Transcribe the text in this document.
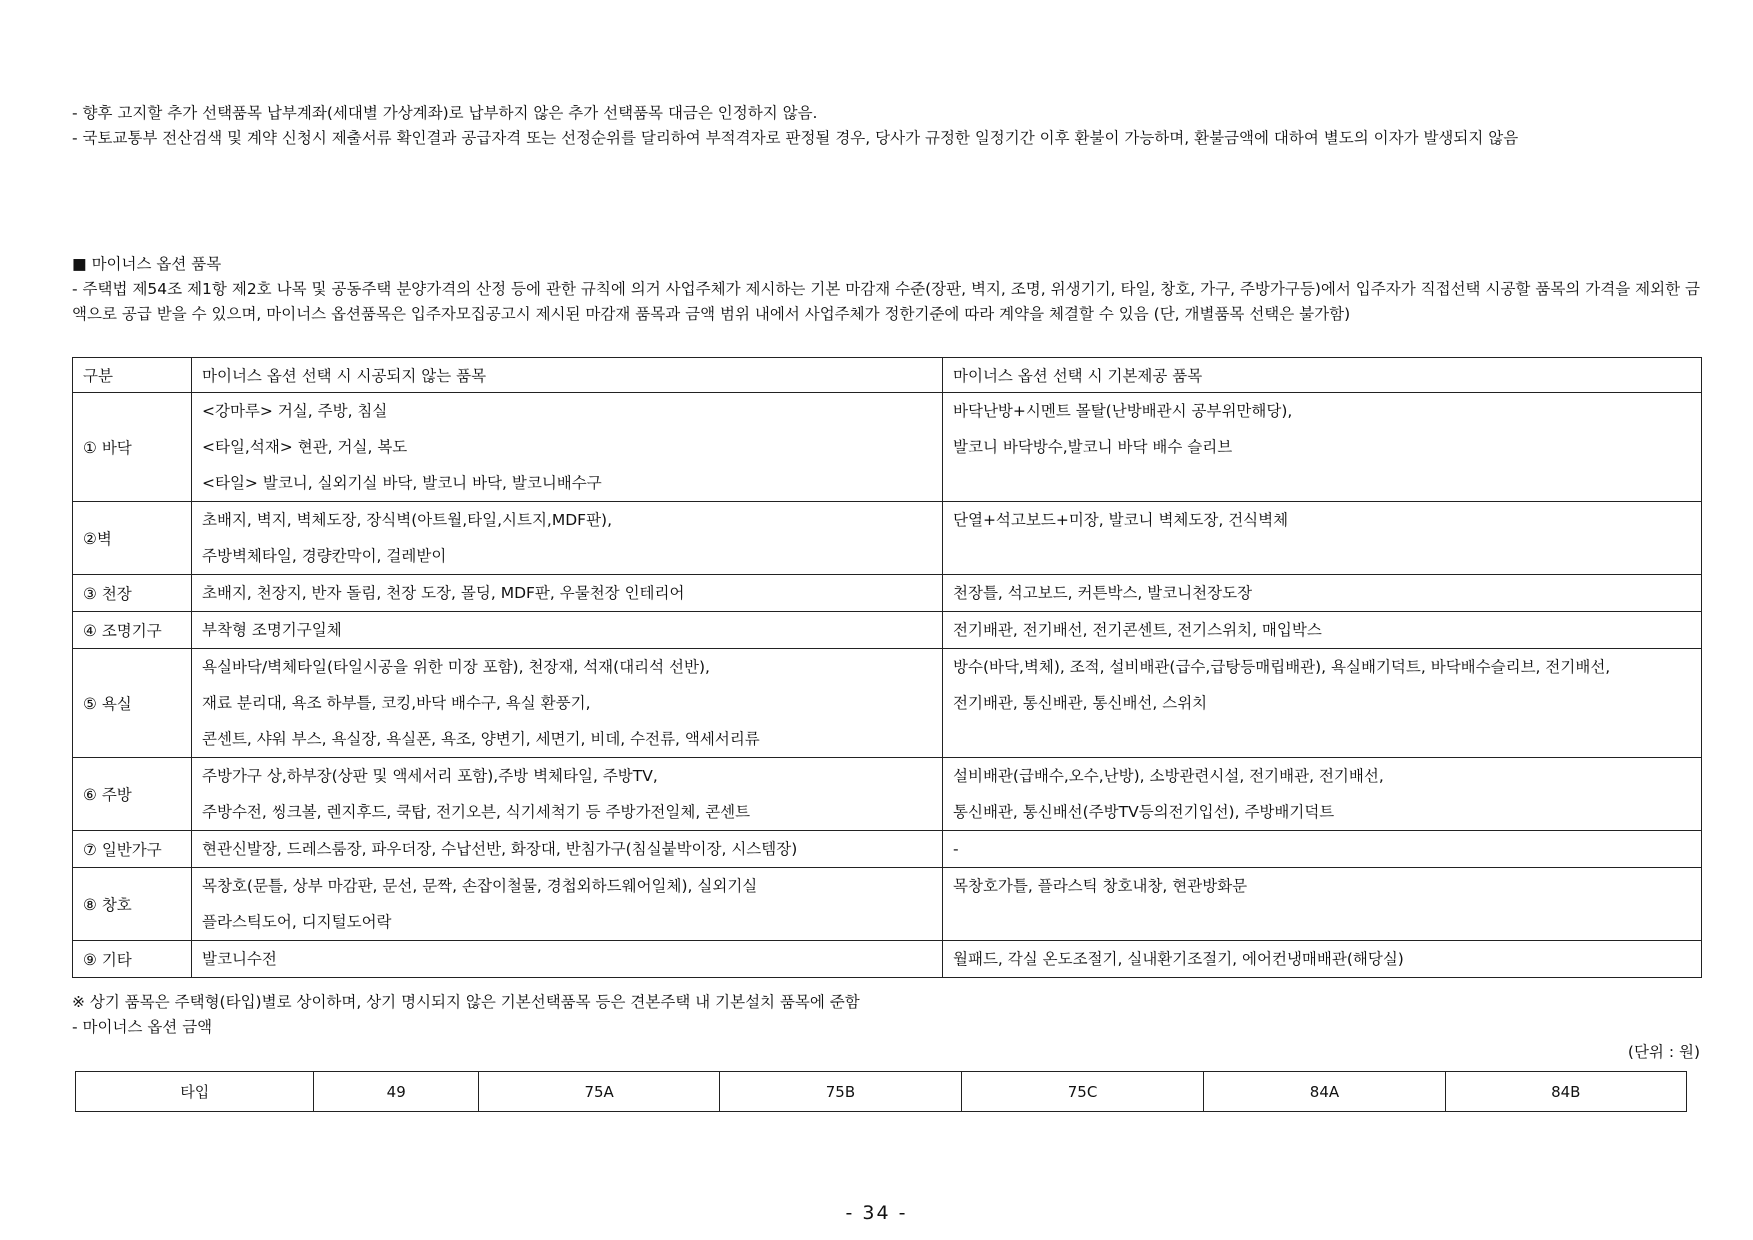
- 향후 고지할 추가 선택품목 납부계좌(세대별 가상계좌)로 납부하지 않은 추가 선택품목 대금은 인정하지 않음.

- 국토교통부 전산검색 및 계약 신청시 제출서류 확인결과 공급자격 또는 선정순위를 달리하여 부적격자로 판정될 경우, 당사가 규정한 일정기간 이후 환불이 가능하며, 환불금액에 대하여 별도의 이자가 발생되지 않음

■ 마이너스 옵션 품목

- 주택법 제54조 제1항 제2호 나목 및 공동주택 분양가격의 산정 등에 관한 규칙에 의거 사업주체가 제시하는 기본 마감재 수준(장판, 벽지, 조명, 위생기기, 타일, 창호, 가구, 주방가구등)에서 입주자가 직접선택 시공할 품목의 가격을 제외한 금액으로 공급 받을 수 있으며, 마이너스 옵션품목은 입주자모집공고시 제시된 마감재 품목과 금액 범위 내에서 사업주체가 정한기준에 따라 계약을 체결할 수 있음 (단, 개별품목 선택은 불가함)

구분	마이너스 옵션 선택 시 시공되지 않는 품목	마이너스 옵션 선택 시 기본제공 품목
① 바닥	<강마루> 거실, 주방, 침실
<타일,석재> 현관, 거실, 복도
<타일> 발코니, 실외기실 바닥, 발코니 바닥, 발코니배수구	바닥난방+시멘트 몰탈(난방배관시 공부위만해당),
발코니 바닥방수,발코니 바닥 배수 슬리브

②벽	초배지, 벽지, 벽체도장, 장식벽(아트월,타일,시트지,MDF판),
주방벽체타일, 경량칸막이, 걸레받이	단열+석고보드+미장, 발코니 벽체도장, 건식벽체

③ 천장	초배지, 천장지, 반자 돌림, 천장 도장, 몰딩, MDF판, 우물천장 인테리어	천장틀, 석고보드, 커튼박스, 발코니천장도장

④ 조명기구	부착형 조명기구일체	전기배관, 전기배선, 전기콘센트, 전기스위치, 매입박스

⑤ 욕실	욕실바닥/벽체타일(타일시공을 위한 미장 포함), 천장재, 석재(대리석 선반),
재료 분리대, 욕조 하부틀, 코킹,바닥 배수구, 욕실 환풍기,
콘센트, 샤워 부스, 욕실장, 욕실폰, 욕조, 양변기, 세면기, 비데, 수전류, 액세서리류	방수(바닥,벽체), 조적, 설비배관(급수,급탕등매립배관), 욕실배기덕트, 바닥배수슬리브, 전기배선,
전기배관, 통신배관, 통신배선, 스위치

⑥ 주방	주방가구 상,하부장(상판 및 액세서리 포함),주방 벽체타일, 주방TV,
주방수전, 씽크볼, 렌지후드, 쿡탑, 전기오븐, 식기세척기 등 주방가전일체, 콘센트	설비배관(급배수,오수,난방), 소방관련시설, 전기배관, 전기배선,
통신배관, 통신배선(주방TV등의전기입선), 주방배기덕트

⑦ 일반가구	현관신발장, 드레스룸장, 파우더장, 수납선반, 화장대, 반침가구(침실붙박이장, 시스템장)	-

⑧ 창호	목창호(문틀, 상부 마감판, 문선, 문짝, 손잡이철물, 경첩외하드웨어일체), 실외기실
플라스틱도어, 디지털도어락	목창호가틀, 플라스틱 창호내창, 현관방화문

⑨ 기타	발코니수전	월패드, 각실 온도조절기, 실내환기조절기, 에어컨냉매배관(해당실)

※ 상기 품목은 주택형(타입)별로 상이하며, 상기 명시되지 않은 기본선택품목 등은 견본주택 내 기본설치 품목에 준함

- 마이너스 옵션 금액

(단위 : 원)
타입	49	75A	75B	75C	84A	84B
- 34 -
